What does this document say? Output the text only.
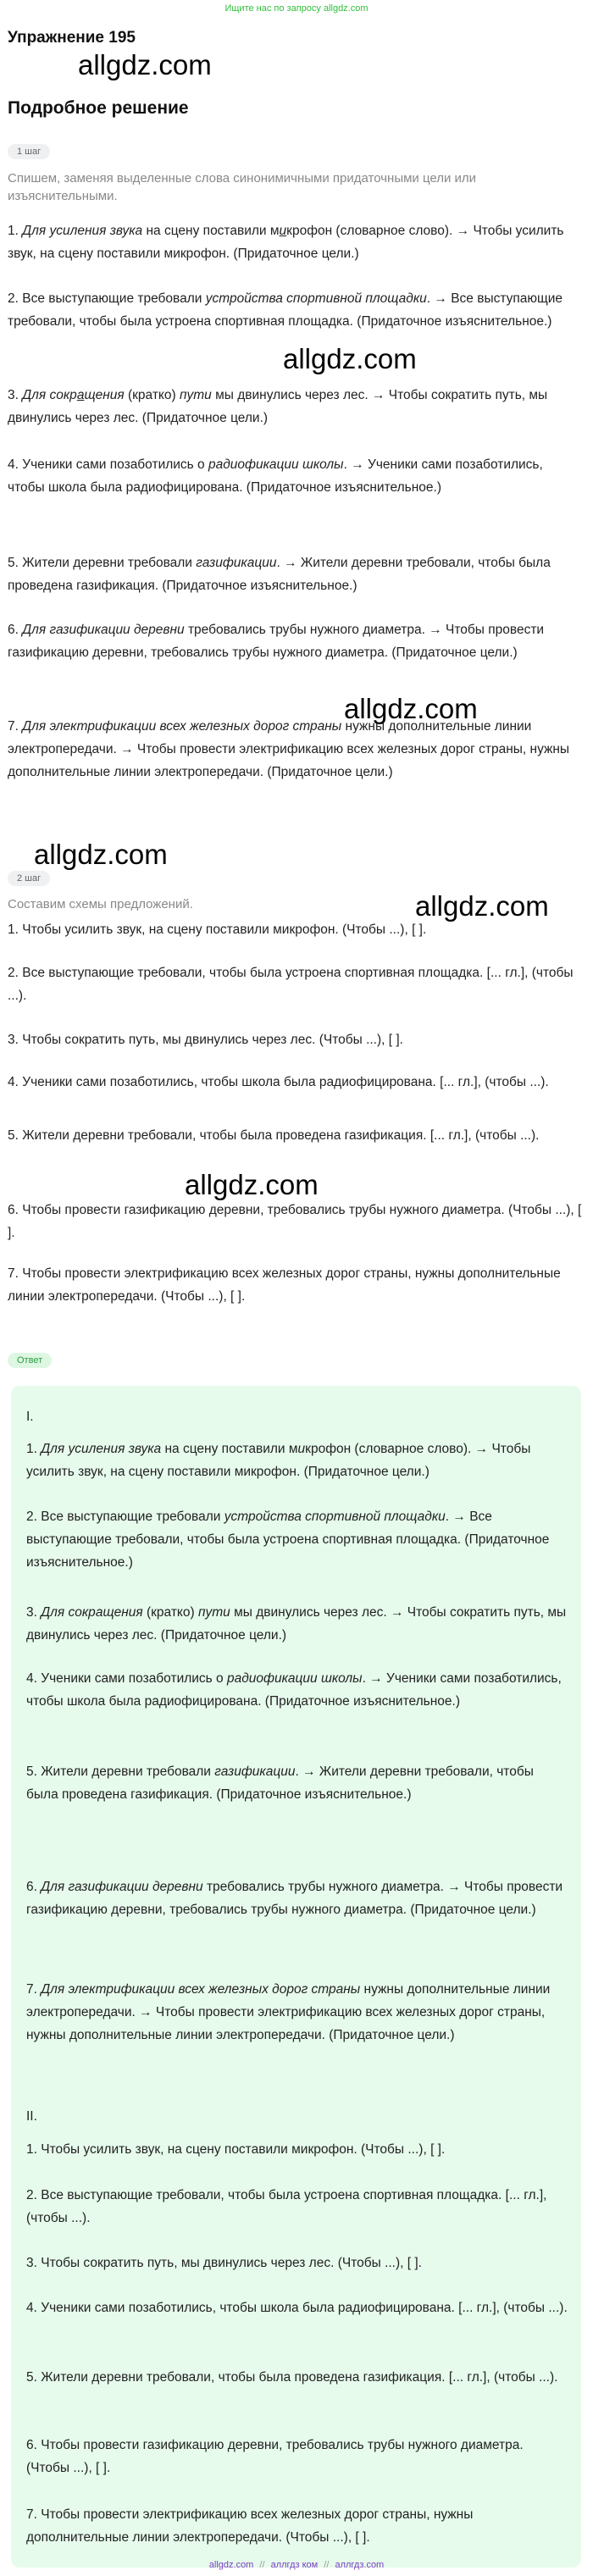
Ищите нас по запросу allgdz.com
Упражнение 195
allgdz.com
allgdz.com
allgdz.com
allgdz.com
allgdz.com
allgdz.com
Подробное решение
1 шаг
Спишем, заменяя выделенные слова синонимичными придаточными цели или изъяснительными.
1. Для усиления звука на сцену поставили микрофон (словарное слово). → Чтобы усилить звук, на сцену поставили микрофон. (Придаточное цели.)
2. Все выступающие требовали устройства спортивной площадки. → Все выступающие требовали, чтобы была устроена спортивная площадка. (Придаточное изъяснительное.)
3. Для сокращения (кратко) пути мы двинулись через лес. → Чтобы сократить путь, мы двинулись через лес. (Придаточное цели.)
4. Ученики сами позаботились о радиофикации школы. → Ученики сами позаботились, чтобы школа была радиофицирована. (Придаточное изъяснительное.)
5. Жители деревни требовали газификации. → Жители деревни требовали, чтобы была проведена газификация. (Придаточное изъяснительное.)
6. Для газификации деревни требовались трубы нужного диаметра. → Чтобы провести газификацию деревни, требовались трубы нужного диаметра. (Придаточное цели.)
7. Для электрификации всех железных дорог страны нужны дополнительные линии электропередачи. → Чтобы провести электрификацию всех железных дорог страны, нужны дополнительные линии электропередачи. (Придаточное цели.)
2 шаг
Составим схемы предложений.
1. Чтобы усилить звук, на сцену поставили микрофон. (Чтобы ...), [ ].
2. Все выступающие требовали, чтобы была устроена спортивная площадка. [... гл.], (чтобы ...).
3. Чтобы сократить путь, мы двинулись через лес. (Чтобы ...), [ ].
4. Ученики сами позаботились, чтобы школа была радиофицирована. [... гл.], (чтобы ...).
5. Жители деревни требовали, чтобы была проведена газификация. [... гл.], (чтобы ...).
6. Чтобы провести газификацию деревни, требовались трубы нужного диаметра. (Чтобы ...), [ ].
7. Чтобы провести электрификацию всех железных дорог страны, нужны дополнительные линии электропередачи. (Чтобы ...), [ ].
Ответ
I.
1. Для усиления звука на сцену поставили микрофон (словарное слово). → Чтобы усилить звук, на сцену поставили микрофон. (Придаточное цели.)
2. Все выступающие требовали устройства спортивной площадки. → Все выступающие требовали, чтобы была устроена спортивная площадка. (Придаточное изъяснительное.)
3. Для сокращения (кратко) пути мы двинулись через лес. → Чтобы сократить путь, мы двинулись через лес. (Придаточное цели.)
4. Ученики сами позаботились о радиофикации школы. → Ученики сами позаботились, чтобы школа была радиофицирована. (Придаточное изъяснительное.)
5. Жители деревни требовали газификации. → Жители деревни требовали, чтобы была проведена газификация. (Придаточное изъяснительное.)
6. Для газификации деревни требовались трубы нужного диаметра. → Чтобы провести газификацию деревни, требовались трубы нужного диаметра. (Придаточное цели.)
7. Для электрификации всех железных дорог страны нужны дополнительные линии электропередачи. → Чтобы провести электрификацию всех железных дорог страны, нужны дополнительные линии электропередачи. (Придаточное цели.)
II.
1. Чтобы усилить звук, на сцену поставили микрофон. (Чтобы ...), [ ].
2. Все выступающие требовали, чтобы была устроена спортивная площадка. [... гл.], (чтобы ...).
3. Чтобы сократить путь, мы двинулись через лес. (Чтобы ...), [ ].
4. Ученики сами позаботились, чтобы школа была радиофицирована. [... гл.], (чтобы ...).
5. Жители деревни требовали, чтобы была проведена газификация. [... гл.], (чтобы ...).
6. Чтобы провести газификацию деревни, требовались трубы нужного диаметра. (Чтобы ...), [ ].
7. Чтобы провести электрификацию всех железных дорог страны, нужны дополнительные линии электропередачи. (Чтобы ...), [ ].
allgdz.com // аллгдз ком // аллгдз.com
